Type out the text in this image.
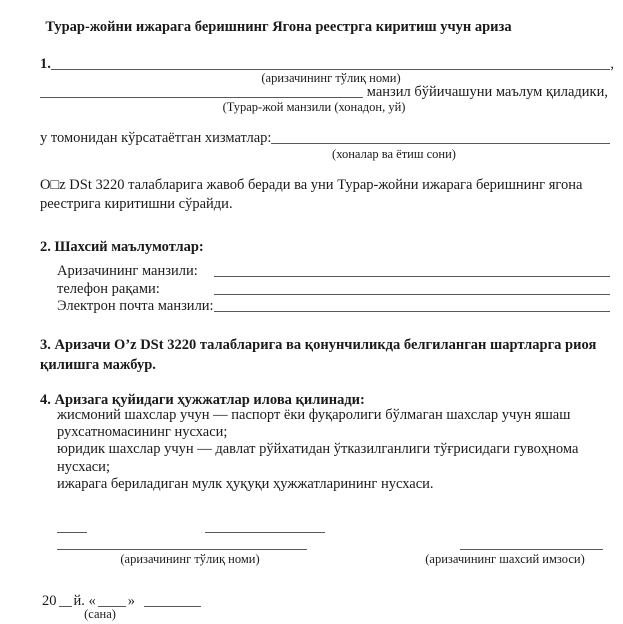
Турар-жойни ижарага беришнинг Ягона реестрга киритиш учун ариза
1.	,
(аризачининг тўлиқ номи)
манзил бўйичашуни маълум қиладики,
(Турар-жой манзили (хонадон, уй)
у томонидан кўрсатаётган хизматлар:
(хоналар ва ётиш сони)
O□z DSt 3220 талабларига жавоб беради ва уни Турар-жойни ижарага беришнинг ягона реестрига киритишни сўрайди.
2. Шахсий маълумотлар:
Аризачининг манзили:
телефон рақами:
Электрон почта манзили:
3. Аризачи O’z DSt 3220 талабларига ва қонунчиликда белгиланган шартларга риоя қилишга мажбур.
4. Аризага қуйидаги ҳужжатлар илова қилинади:
жисмоний шахслар учун — паспорт ёки фуқаролиги бўлмаган шахслар учун яшаш рухсатномасининг нусхаси;
юридик шахслар учун — давлат рўйхатидан ўтказилганлиги тўғрисидаги гувоҳнома нусхаси;
ижарага бериладиган мулк ҳуқуқи ҳужжатларининг нусхаси.
(аризачининг тўлиқ номи)	(аризачининг шахсий имзоси)
20 й. « »
(сана)
